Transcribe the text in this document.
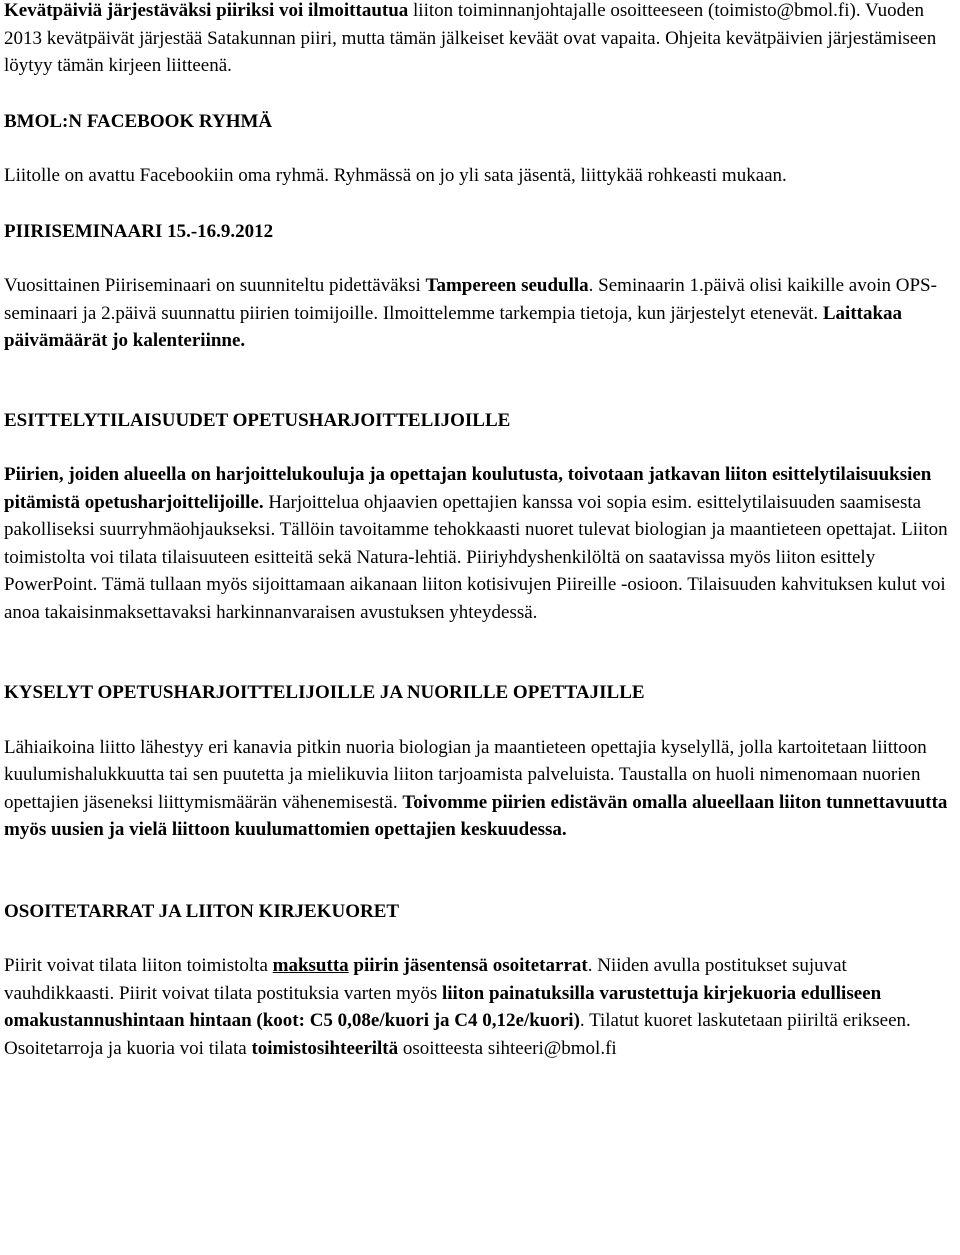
Kevätpäiviä järjestäväksi piiriksi voi ilmoittautua liiton toiminnanjohtajalle osoitteeseen (toimisto@bmol.fi). Vuoden 2013 kevätpäivät järjestää Satakunnan piiri, mutta tämän jälkeiset keväät ovat vapaita. Ohjeita kevätpäivien järjestämiseen löytyy tämän kirjeen liitteenä.

BMOL:N FACEBOOK RYHMÄ

Liitolle on avattu Facebookiin oma ryhmä. Ryhmässä on jo yli sata jäsentä, liittykää rohkeasti mukaan.

PIIRISEMINAARI 15.-16.9.2012

Vuosittainen Piiriseminaari on suunniteltu pidettäväksi Tampereen seudulla. Seminaarin 1.päivä olisi kaikille avoin OPS-seminaari ja 2.päivä suunnattu piirien toimijoille. Ilmoittelemme tarkempia tietoja, kun järjestelyt etenevät. Laittakaa päivämäärät jo kalenteriinne.

ESITTELYTILAISUUDET OPETUSHARJOITTELIJOILLE

Piirien, joiden alueella on harjoittelukouluja ja opettajan koulutusta, toivotaan jatkavan liiton esittelytilaisuuksien pitämistä opetusharjoittelijoille. Harjoittelua ohjaavien opettajien kanssa voi sopia esim. esittelytilaisuuden saamisesta pakolliseksi suurryhmäohjaukseksi. Tällöin tavoitamme tehokkaasti nuoret tulevat biologian ja maantieteen opettajat. Liiton toimistolta voi tilata tilaisuuteen esitteitä sekä Natura-lehtiä. Piiriyhdyshenkilöltä on saatavissa myös liiton esittely PowerPoint. Tämä tullaan myös sijoittamaan aikanaan liiton kotisivujen Piireille -osioon. Tilaisuuden kahvituksen kulut voi anoa takaisinmaksettavaksi harkinnanvaraisen avustuksen yhteydessä.

KYSELYT OPETUSHARJOITTELIJOILLE JA NUORILLE OPETTAJILLE

Lähiaikoina liitto lähestyy eri kanavia pitkin nuoria biologian ja maantieteen opettajia kyselyllä, jolla kartoitetaan liittoon kuulumishalukkuutta tai sen puutetta ja mielikuvia liiton tarjoamista palveluista. Taustalla on huoli nimenomaan nuorien opettajien jäseneksi liittymismäärän vähenemisestä. Toivomme piirien edistävän omalla alueellaan liiton tunnettavuutta myös uusien ja vielä liittoon kuulumattomien opettajien keskuudessa.

OSOITETARRAT JA LIITON KIRJEKUORET

Piirit voivat tilata liiton toimistolta maksutta piirin jäsentensä osoitetarrat. Niiden avulla postitukset sujuvat vauhdikkaasti. Piirit voivat tilata postituksia varten myös liiton painatuksilla varustettuja kirjekuoria edulliseen omakustannushintaan hintaan (koot: C5 0,08e/kuori ja C4 0,12e/kuori). Tilatut kuoret laskutetaan piiriltä erikseen. Osoitetarroja ja kuoria voi tilata toimistosihteeriltä osoitteesta sihteeri@bmol.fi
